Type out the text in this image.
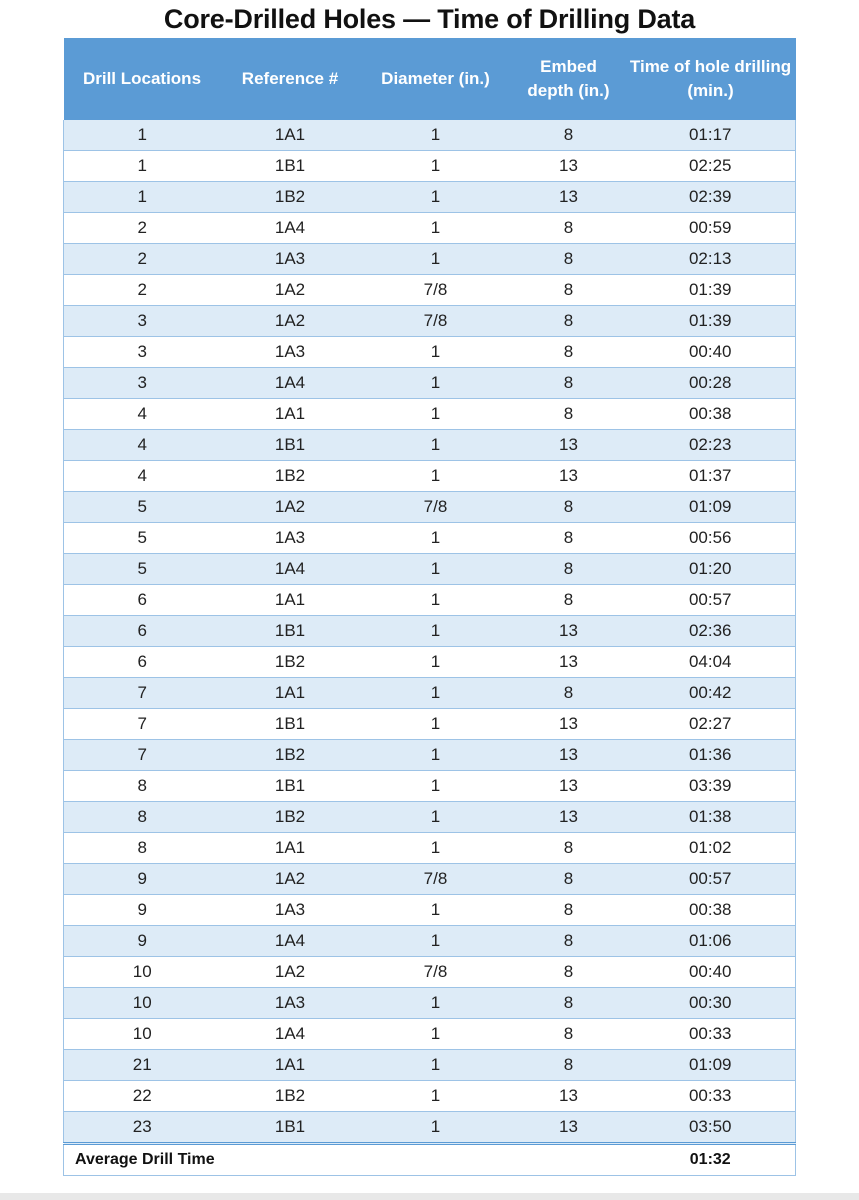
Core-Drilled Holes — Time of Drilling Data
Drill Locations	Reference #	Diameter (in.)	Embed depth (in.)	Time of hole drilling (min.)
1	1A1	1	8	01:17
1	1B1	1	13	02:25
1	1B2	1	13	02:39
2	1A4	1	8	00:59
2	1A3	1	8	02:13
2	1A2	7/8	8	01:39
3	1A2	7/8	8	01:39
3	1A3	1	8	00:40
3	1A4	1	8	00:28
4	1A1	1	8	00:38
4	1B1	1	13	02:23
4	1B2	1	13	01:37
5	1A2	7/8	8	01:09
5	1A3	1	8	00:56
5	1A4	1	8	01:20
6	1A1	1	8	00:57
6	1B1	1	13	02:36
6	1B2	1	13	04:04
7	1A1	1	8	00:42
7	1B1	1	13	02:27
7	1B2	1	13	01:36
8	1B1	1	13	03:39
8	1B2	1	13	01:38
8	1A1	1	8	01:02
9	1A2	7/8	8	00:57
9	1A3	1	8	00:38
9	1A4	1	8	01:06
10	1A2	7/8	8	00:40
10	1A3	1	8	00:30
10	1A4	1	8	00:33
21	1A1	1	8	01:09
22	1B2	1	13	00:33
23	1B1	1	13	03:50
Average Drill Time				01:32
